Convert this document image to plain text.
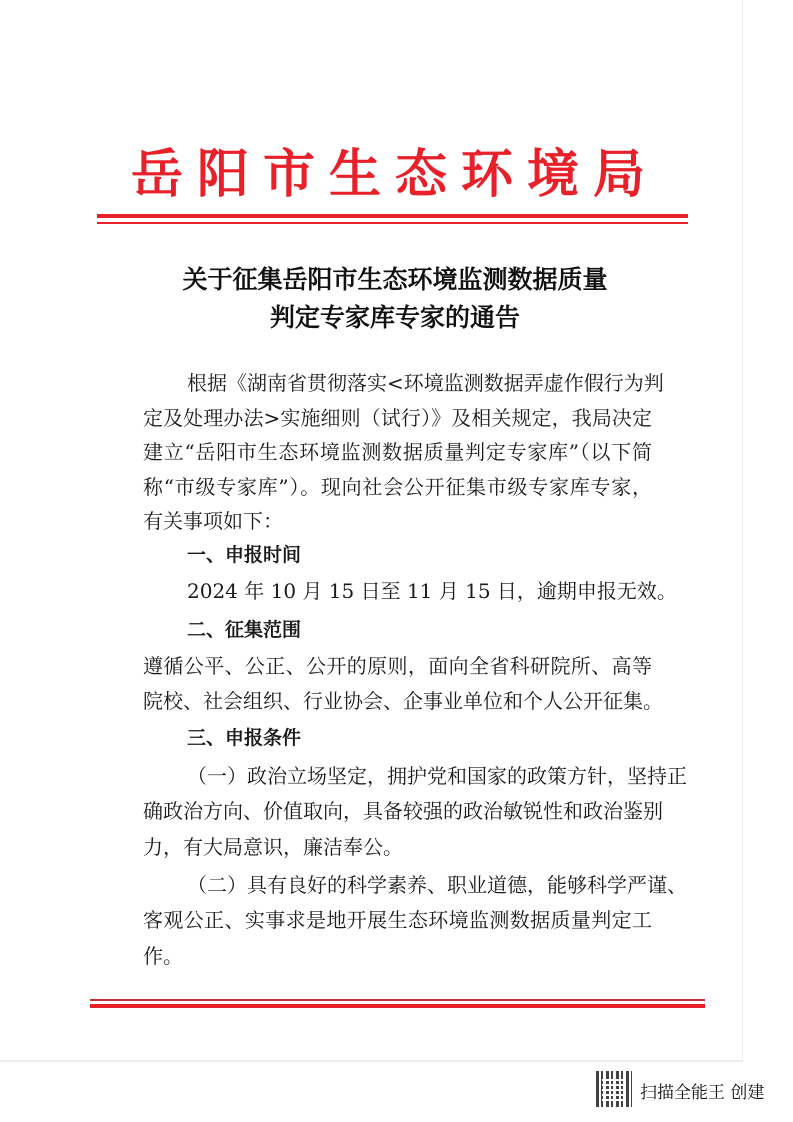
岳阳市生态环境局
关于征集岳阳市生态环境监测数据质量
判定专家库专家的通告
根据《湖南省贯彻落实<环境监测数据弄虚作假行为判
定及处理办法>实施细则（试行）》及相关规定，我局决定
建立“岳阳市生态环境监测数据质量判定专家库”（以下简
称“市级专家库”）。现向社会公开征集市级专家库专家，
有关事项如下：
一、申报时间
2024 年 10 月 15 日至 11 月 15 日，逾期申报无效。
二、征集范围
遵循公平、公正、公开的原则，面向全省科研院所、高等
院校、社会组织、行业协会、企事业单位和个人公开征集。
三、申报条件
（一）政治立场坚定，拥护党和国家的政策方针，坚持正
确政治方向、价值取向，具备较强的政治敏锐性和政治鉴别
力，有大局意识，廉洁奉公。
（二）具有良好的科学素养、职业道德，能够科学严谨、
客观公正、实事求是地开展生态环境监测数据质量判定工
作。
扫描全能王 创建
